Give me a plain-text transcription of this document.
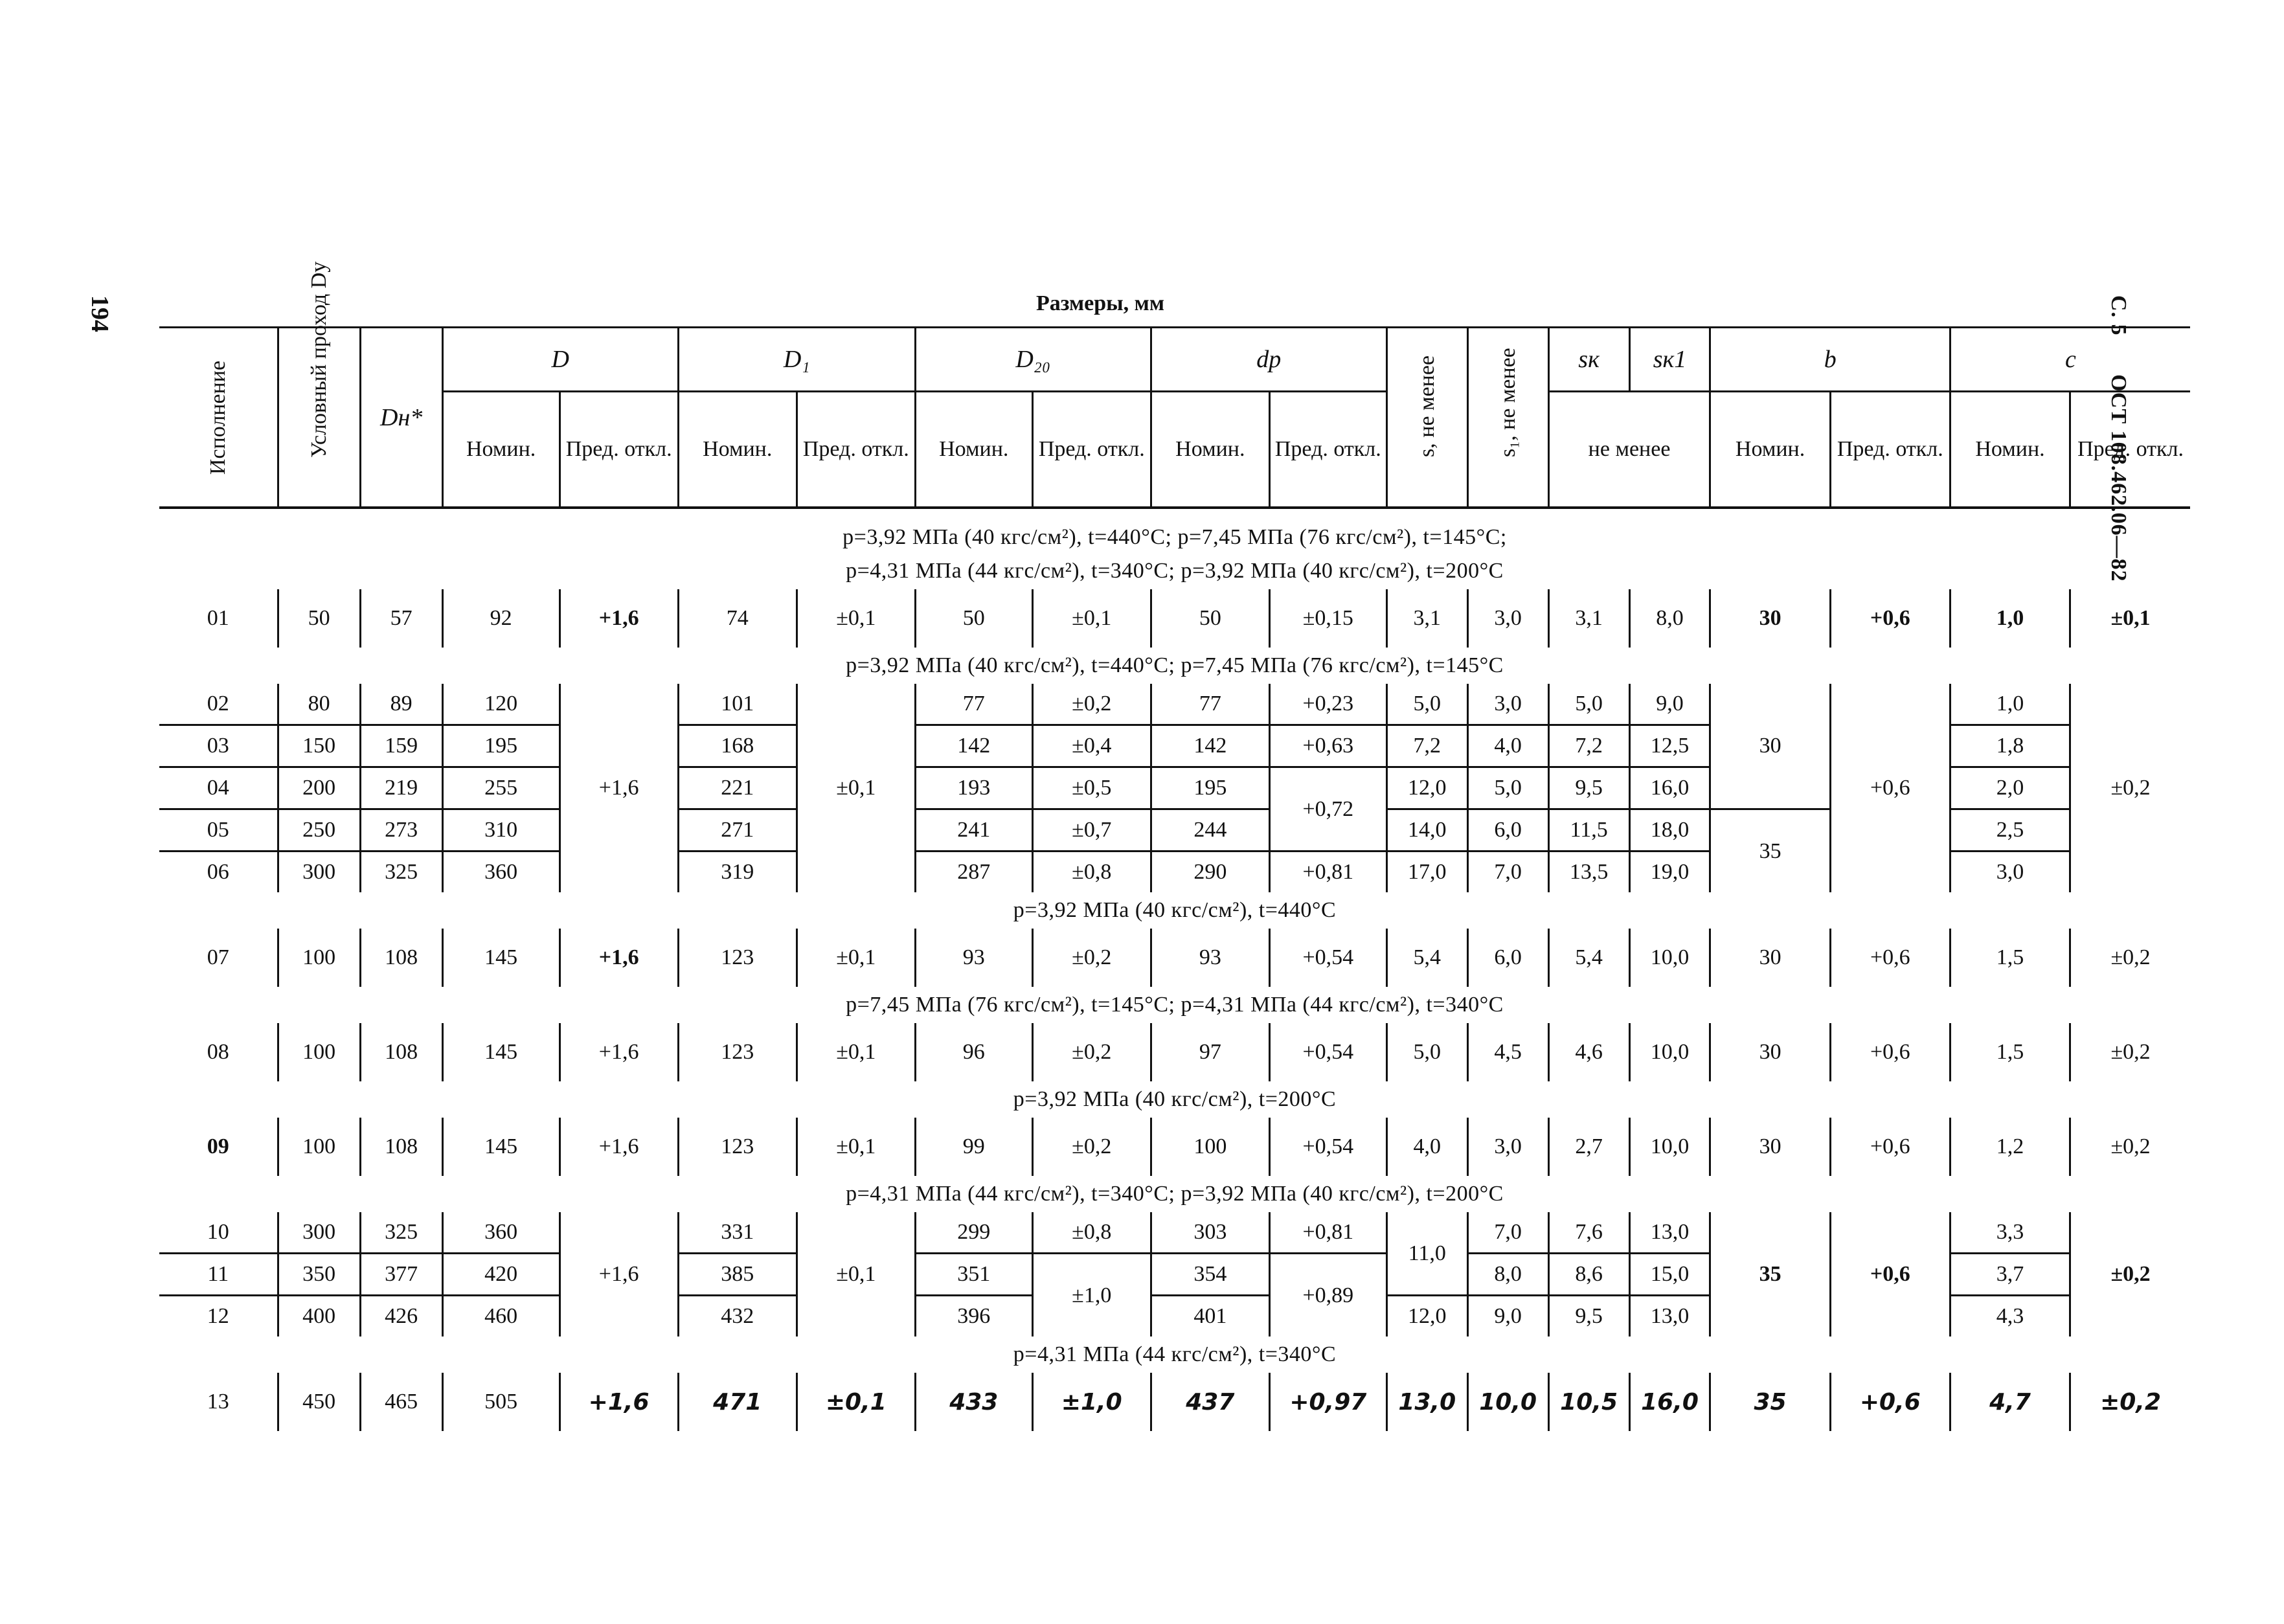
194	С. 5 ОСТ 108.462.06—82
Размеры, мм
Исполнение	Условный проход Dу	Dн*	D		D₁		D₂₀		dр		s, не менее	s₁, не менее	sк	sк1	b		c	
			Номин.	Пред. откл.	Номин.	Пред. откл.	Номин.	Пред. откл.	Номин.	Пред. откл.			не менее		Номин.	Пред. откл.	Номин.	Пред. откл.
p=3,92 МПа (40 кгс/см²), t=440°C; p=7,45 МПа (76 кгс/см²), t=145°C;																		
p=4,31 МПа (44 кгс/см²), t=340°C; p=3,92 МПа (40 кгс/см²), t=200°C																		
01	50	57	92	+1,6	74	±0,1	50	±0,1	50	±0,15	3,1	3,0	3,1	8,0	30	+0,6	1,0	±0,1
p=3,92 МПа (40 кгс/см²), t=440°C; p=7,45 МПа (76 кгс/см²), t=145°C																		
02	80	89	120	+1,6	101	±0,1	77	±0,2	77	+0,23	5,0	3,0	5,0	9,0	30	+0,6	1,0	±0,2
03	150	159	195		168		142	±0,4	142	+0,63	7,2	4,0	7,2	12,5			1,8	
04	200	219	255		221		193	±0,5	195	+0,72	12,0	5,0	9,5	16,0			2,0	
05	250	273	310		271		241	±0,7	244		14,0	6,0	11,5	18,0	35		2,5	
06	300	325	360		319		287	±0,8	290	+0,81	17,0	7,0	13,5	19,0			3,0	
p=3,92 МПа (40 кгс/см²), t=440°C																		
07	100	108	145	+1,6	123	±0,1	93	±0,2	93	+0,54	5,4	6,0	5,4	10,0	30	+0,6	1,5	±0,2
p=7,45 МПа (76 кгс/см²), t=145°C; p=4,31 МПа (44 кгс/см²), t=340°C																		
08	100	108	145	+1,6	123	±0,1	96	±0,2	97	+0,54	5,0	4,5	4,6	10,0	30	+0,6	1,5	±0,2
p=3,92 МПа (40 кгс/см²), t=200°C																		
09	100	108	145	+1,6	123	±0,1	99	±0,2	100	+0,54	4,0	3,0	2,7	10,0	30	+0,6	1,2	±0,2
p=4,31 МПа (44 кгс/см²), t=340°C; p=3,92 МПа (40 кгс/см²), t=200°C																		
10	300	325	360	+1,6	331	±0,1	299	±0,8	303	+0,81	11,0	7,0	7,6	13,0	35	+0,6	3,3	±0,2
11	350	377	420		385		351	±1,0	354	+0,89		8,0	8,6	15,0			3,7	
12	400	426	460		432		396		401		12,0	9,0	9,5	13,0			4,3	
p=4,31 МПа (44 кгс/см²), t=340°C																		
13	450	465	505	+1,6	471	±0,1	433	±1,0	437	+0,97	13,0	10,0	10,5	16,0	35	+0,6	4,7	±0,2
